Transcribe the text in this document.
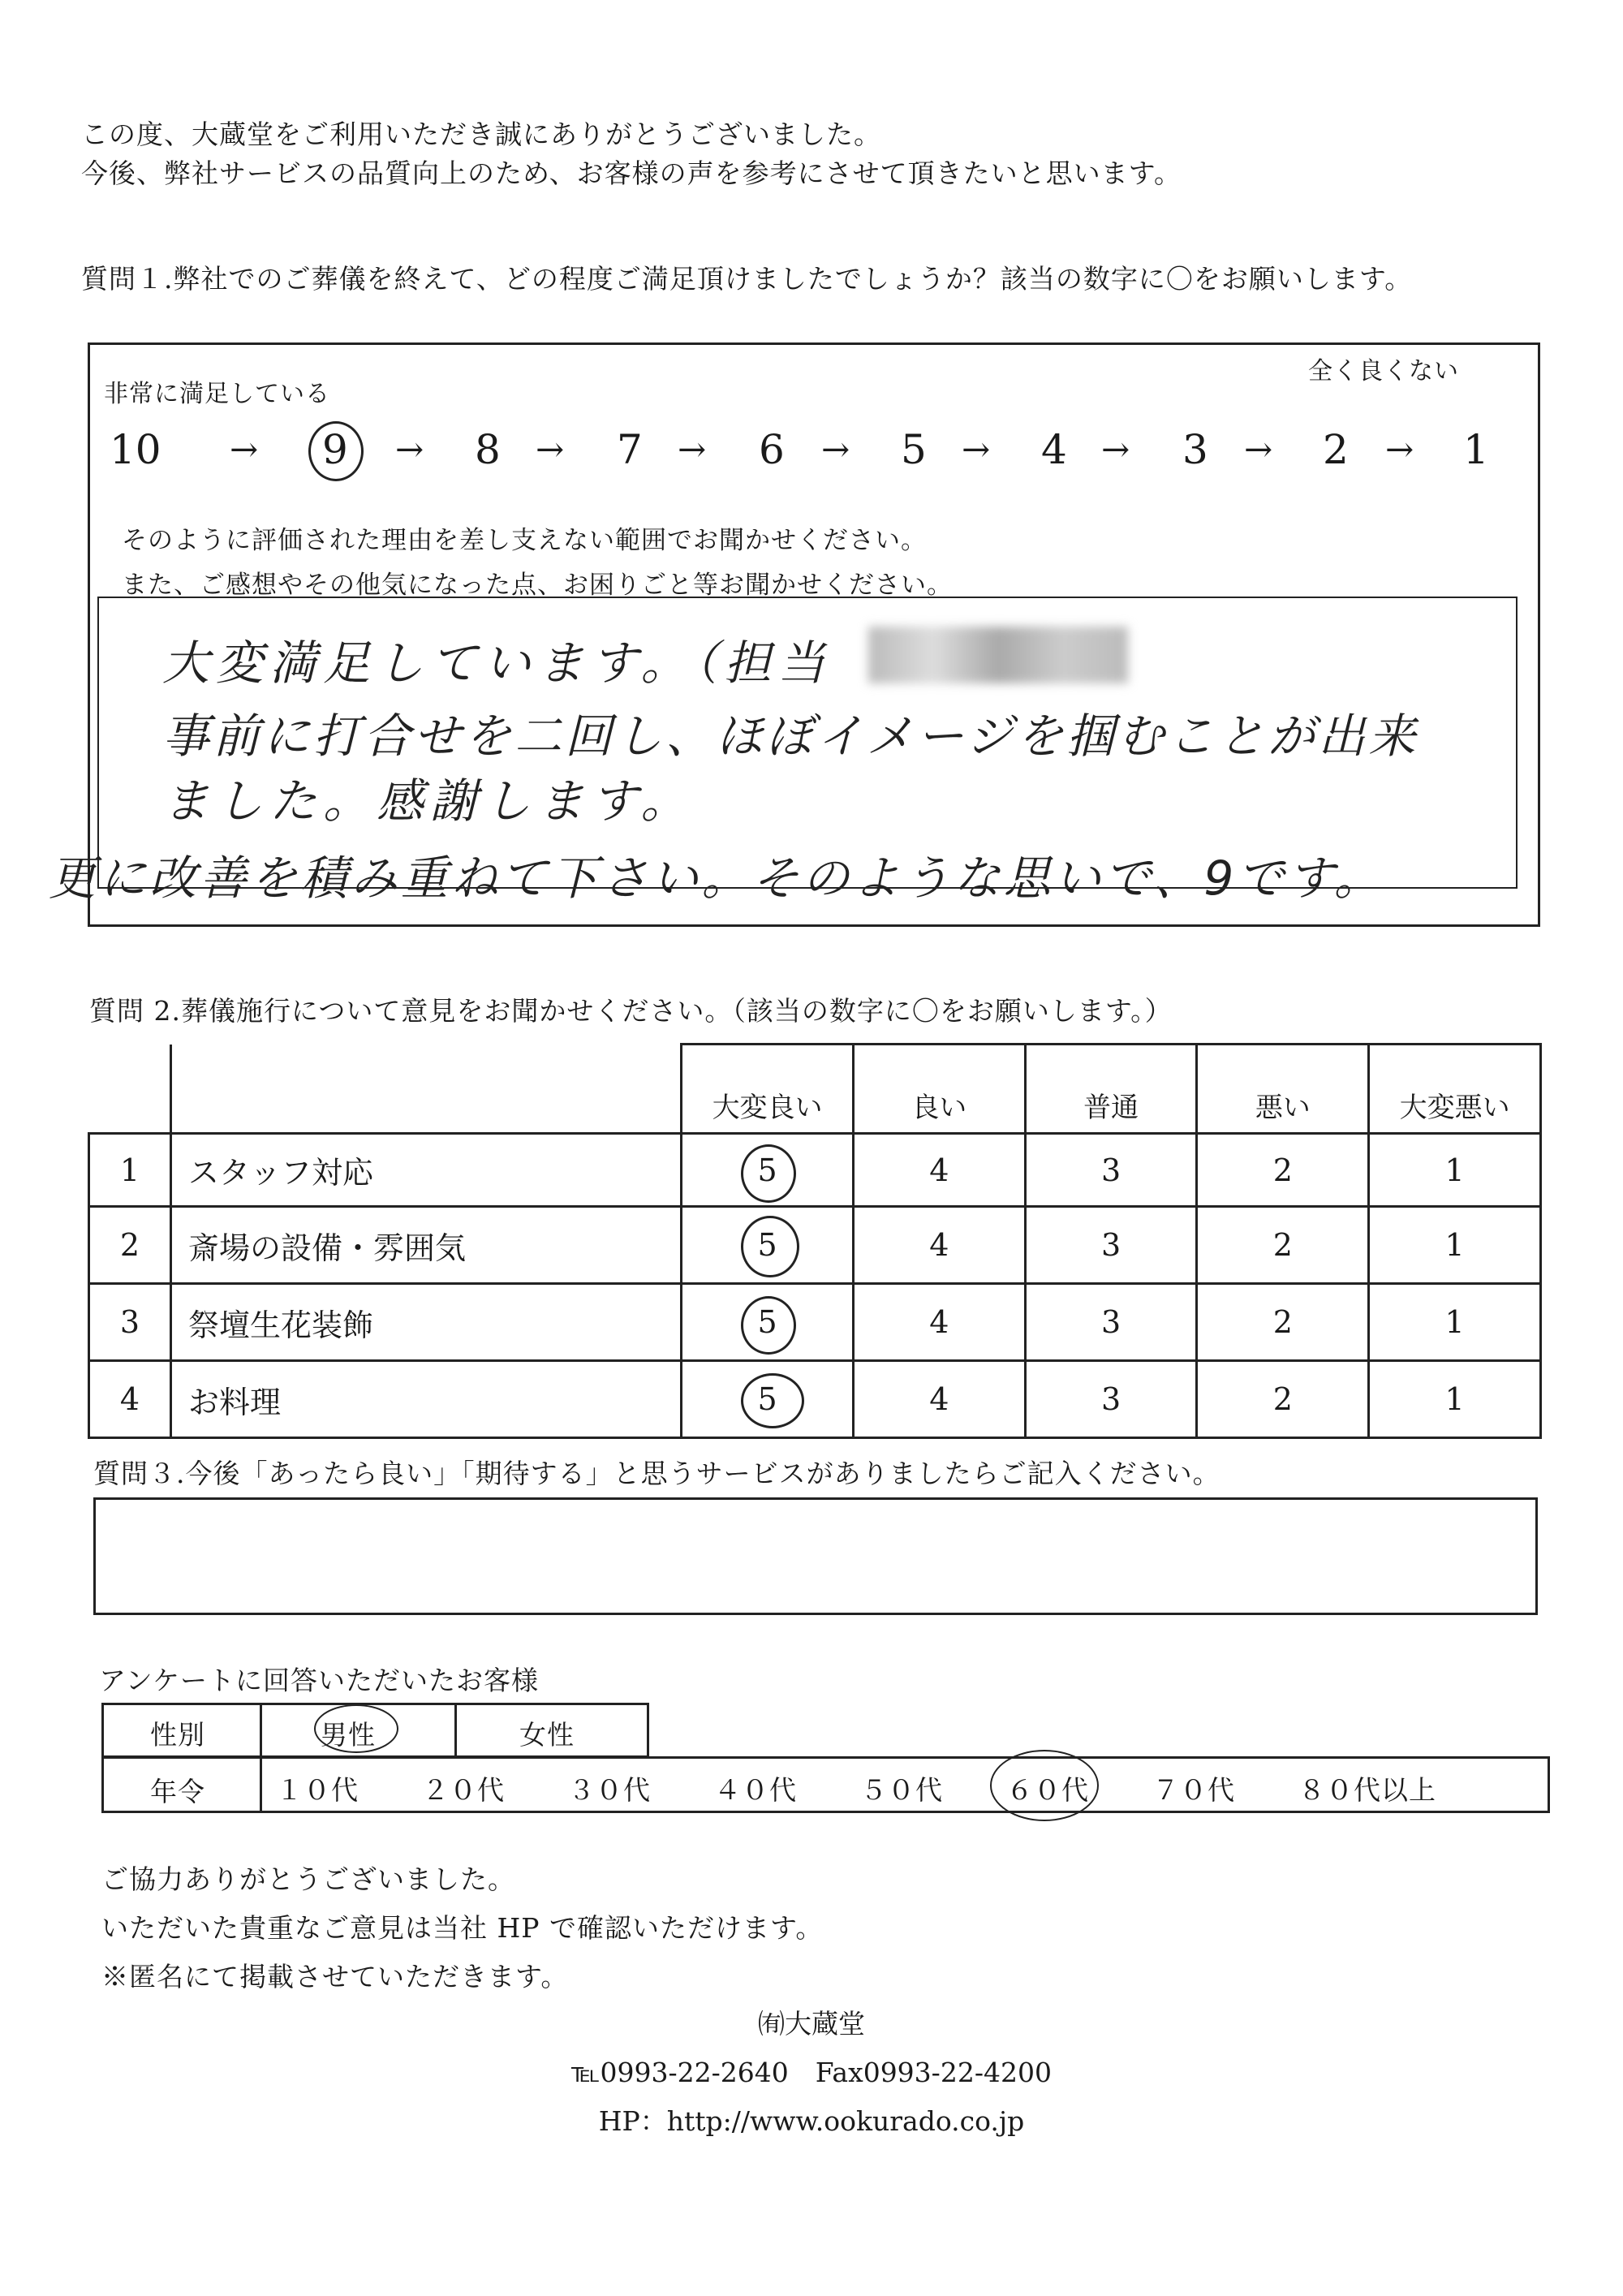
この度、大蔵堂をご利用いただき誠にありがとうございました。
今後、弊社サービスの品質向上のため、お客様の声を参考にさせて頂きたいと思います。
質問１.弊社でのご葬儀を終えて、どの程度ご満足頂けましたでしょうか？該当の数字に〇をお願いします。
非常に満足している
全く良くない
10 → 9 → 8 → 7 → 6 → 5 → 4 → 3 → 2 → 1
そのように評価された理由を差し支えない範囲でお聞かせください。
また、ご感想やその他気になった点、お困りごと等お聞かせください。
大変満足しています。（担当
事前に打合せを二回し、ほぼイメージを掴むことが出来
ました。感謝します。
更に改善を積み重ねて下さい。そのような思いで、9です。
質問 2.葬儀施行について意見をお聞かせください。（該当の数字に〇をお願いします。）
		大変良い	良い	普通	悪い	大変悪い
1	スタッフ対応	5	4	3	2	1
2	斎場の設備・雰囲気	5	4	3	2	1
3	祭壇生花装飾	5	4	3	2	1
4	お料理	5	4	3	2	1
質問３.今後「あったら良い」「期待する」と思うサービスがありましたらご記入ください。
アンケートに回答いただいたお客様
性別	男性	女性
年令	１０代 ２０代 ３０代 ４０代 ５０代 ６０代 ７０代 ８０代以上
ご協力ありがとうございました。
いただいた貴重なご意見は当社 HP で確認いただけます。
※匿名にて掲載させていただきます。
㈲大蔵堂
℡0993-22-2640　Fax0993-22-4200
HP：http://www.ookurado.co.jp
